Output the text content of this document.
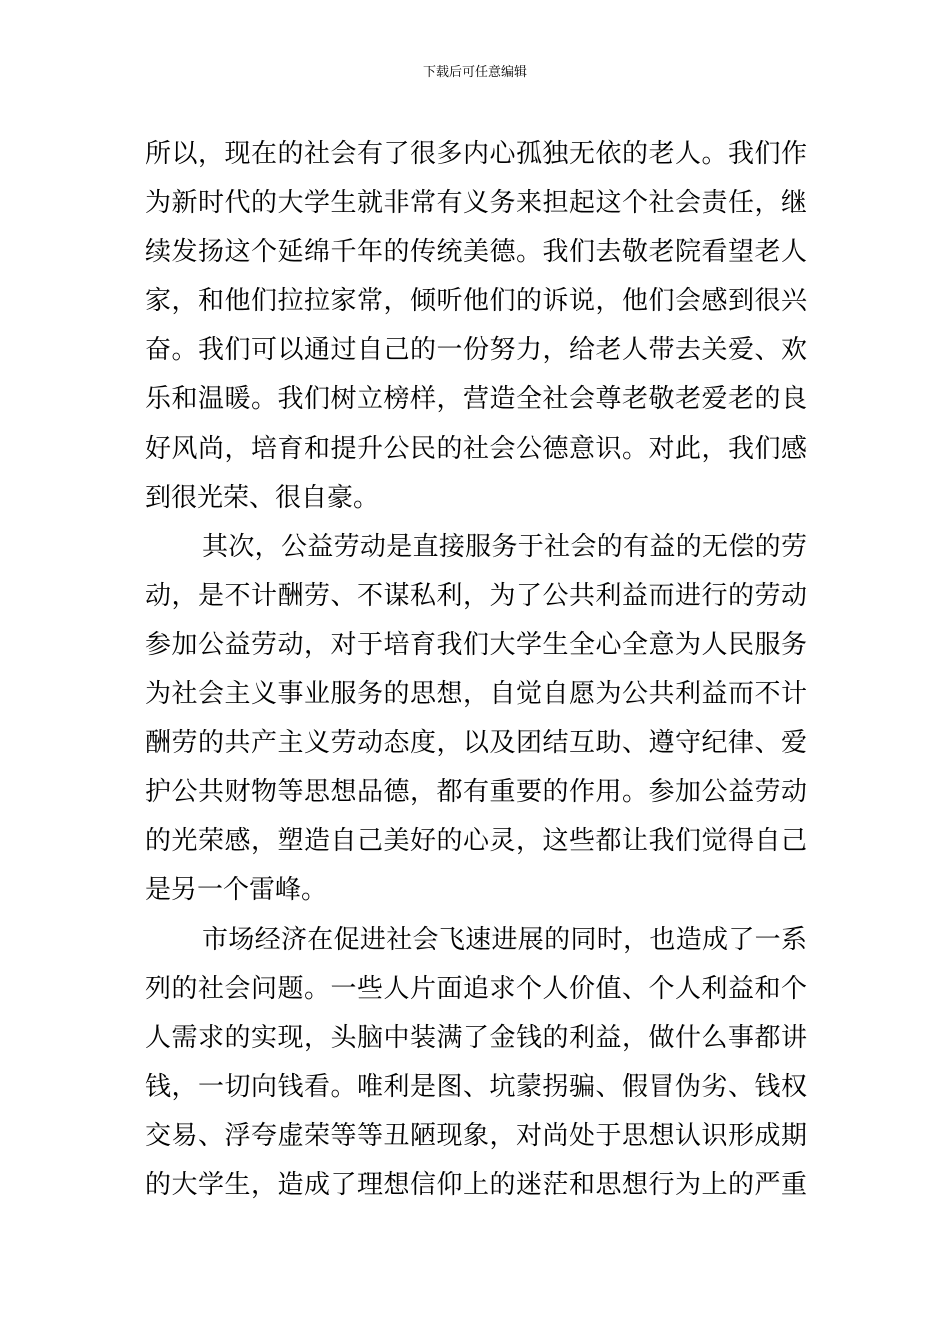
下载后可任意编辑
所以，现在的社会有了很多内心孤独无依的老人。我们作
为新时代的大学生就非常有义务来担起这个社会责任，继
续发扬这个延绵千年的传统美德。我们去敬老院看望老人
家，和他们拉拉家常，倾听他们的诉说，他们会感到很兴
奋。我们可以通过自己的一份努力，给老人带去关爱、欢
乐和温暖。我们树立榜样，营造全社会尊老敬老爱老的良
好风尚，培育和提升公民的社会公德意识。对此，我们感
到很光荣、很自豪。
其次，公益劳动是直接服务于社会的有益的无偿的劳
动，是不计酬劳、不谋私利，为了公共利益而进行的劳动
参加公益劳动，对于培育我们大学生全心全意为人民服务
为社会主义事业服务的思想，自觉自愿为公共利益而不计
酬劳的共产主义劳动态度，以及团结互助、遵守纪律、爱
护公共财物等思想品德，都有重要的作用。参加公益劳动
的光荣感，塑造自己美好的心灵，这些都让我们觉得自己
是另一个雷峰。
市场经济在促进社会飞速进展的同时，也造成了一系
列的社会问题。一些人片面追求个人价值、个人利益和个
人需求的实现，头脑中装满了金钱的利益，做什么事都讲
钱，一切向钱看。唯利是图、坑蒙拐骗、假冒伪劣、钱权
交易、浮夸虚荣等等丑陋现象，对尚处于思想认识形成期
的大学生，造成了理想信仰上的迷茫和思想行为上的严重
